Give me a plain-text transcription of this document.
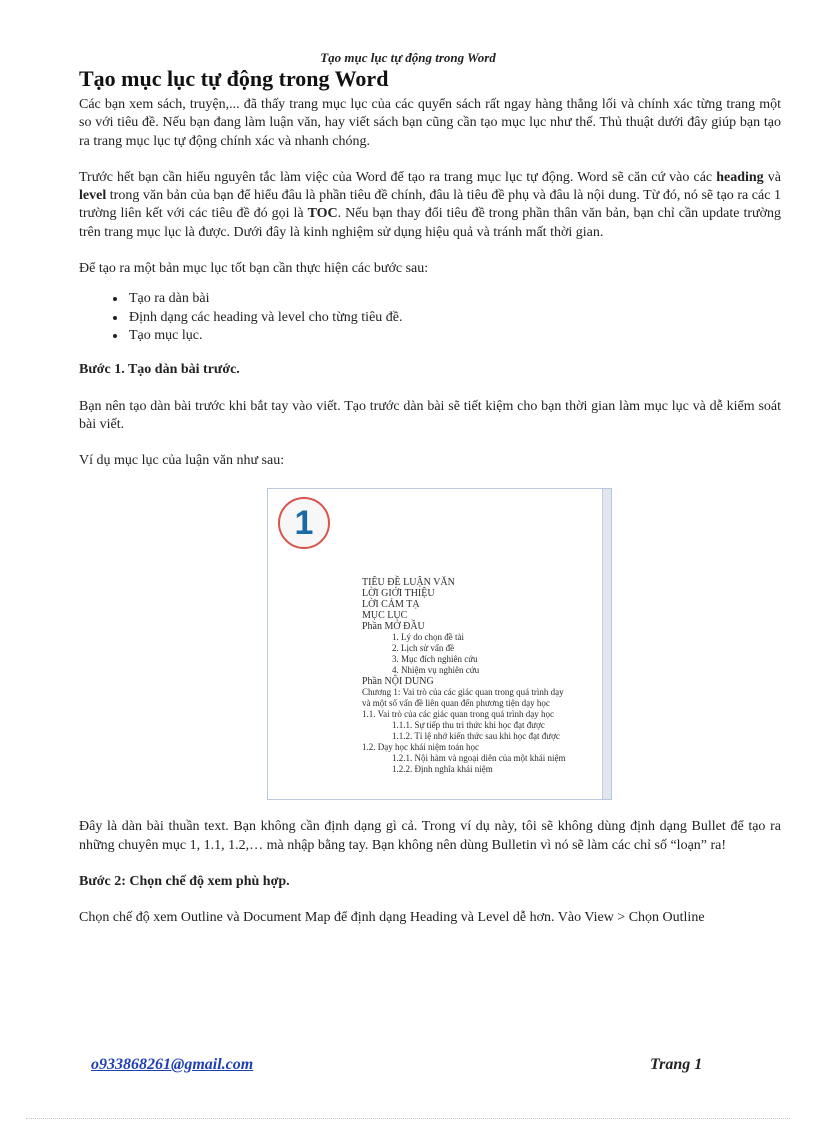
Tạo mục lục tự động trong Word
Tạo mục lục tự động trong Word

Các bạn xem sách, truyện,... đã thấy trang mục lục của các quyển sách rất ngay hàng thẳng lối và chính xác từng trang một so với tiêu đề. Nếu bạn đang làm luận văn, hay viết sách bạn cũng cần tạo mục lục như thế. Thủ thuật dưới đây giúp bạn tạo ra trang mục lục tự động chính xác và nhanh chóng.

Trước hết bạn cần hiểu nguyên tắc làm việc của Word để tạo ra trang mục lục tự động. Word sẽ căn cứ vào các heading và level trong văn bản của bạn để hiểu đâu là phần tiêu đề chính, đâu là tiêu đề phụ và đâu là nội dung. Từ đó, nó sẽ tạo ra các 1 trường liên kết với các tiêu đề đó gọi là TOC. Nếu bạn thay đổi tiêu đề trong phần thân văn bản, bạn chỉ cần update trường trên trang mục lục là được. Dưới đây là kinh nghiệm sử dụng hiệu quả và tránh mất thời gian.

Để tạo ra một bản mục lục tốt bạn cần thực hiện các bước sau:

• Tạo ra dàn bài
• Định dạng các heading và level cho từng tiêu đề.
• Tạo mục lục.

Bước 1. Tạo dàn bài trước.

Bạn nên tạo dàn bài trước khi bắt tay vào viết. Tạo trước dàn bài sẽ tiết kiệm cho bạn thời gian làm mục lục và dễ kiểm soát bài viết.

Ví dụ mục lục của luận văn như sau:

1
TIÊU ĐỀ LUẬN VĂN
LỜI GIỚI THIỆU
LỜI CẢM TẠ
MỤC LỤC
Phần MỞ ĐẦU
1. Lý do chọn đề tài
2. Lịch sử vấn đề
3. Mục đích nghiên cứu
4. Nhiệm vụ nghiên cứu
Phần NỘI DUNG
Chương 1: Vai trò của các giác quan trong quá trình dạy
và một số vấn đề liên quan đến phương tiện dạy học
1.1. Vai trò của các giác quan trong quá trình dạy học
1.1.1. Sự tiếp thu tri thức khi học đạt được
1.1.2. Tỉ lệ nhớ kiến thức sau khi học đạt được
1.2. Dạy học khái niệm toán học
1.2.1. Nội hàm và ngoại diên của một khái niệm
1.2.2. Định nghĩa khái niệm

Đây là dàn bài thuần text. Bạn không cần định dạng gì cả. Trong ví dụ này, tôi sẽ không dùng định dạng Bullet để tạo ra những chuyên mục 1, 1.1, 1.2,… mà nhập bằng tay. Bạn không nên dùng Bulletin vì nó sẽ làm các chỉ số “loạn” ra!

Bước 2: Chọn chế độ xem phù hợp.

Chọn chế độ xem Outline và Document Map để định dạng Heading và Level dễ hơn. Vào View > Chọn Outline

o933868261@gmail.com	Trang 1
